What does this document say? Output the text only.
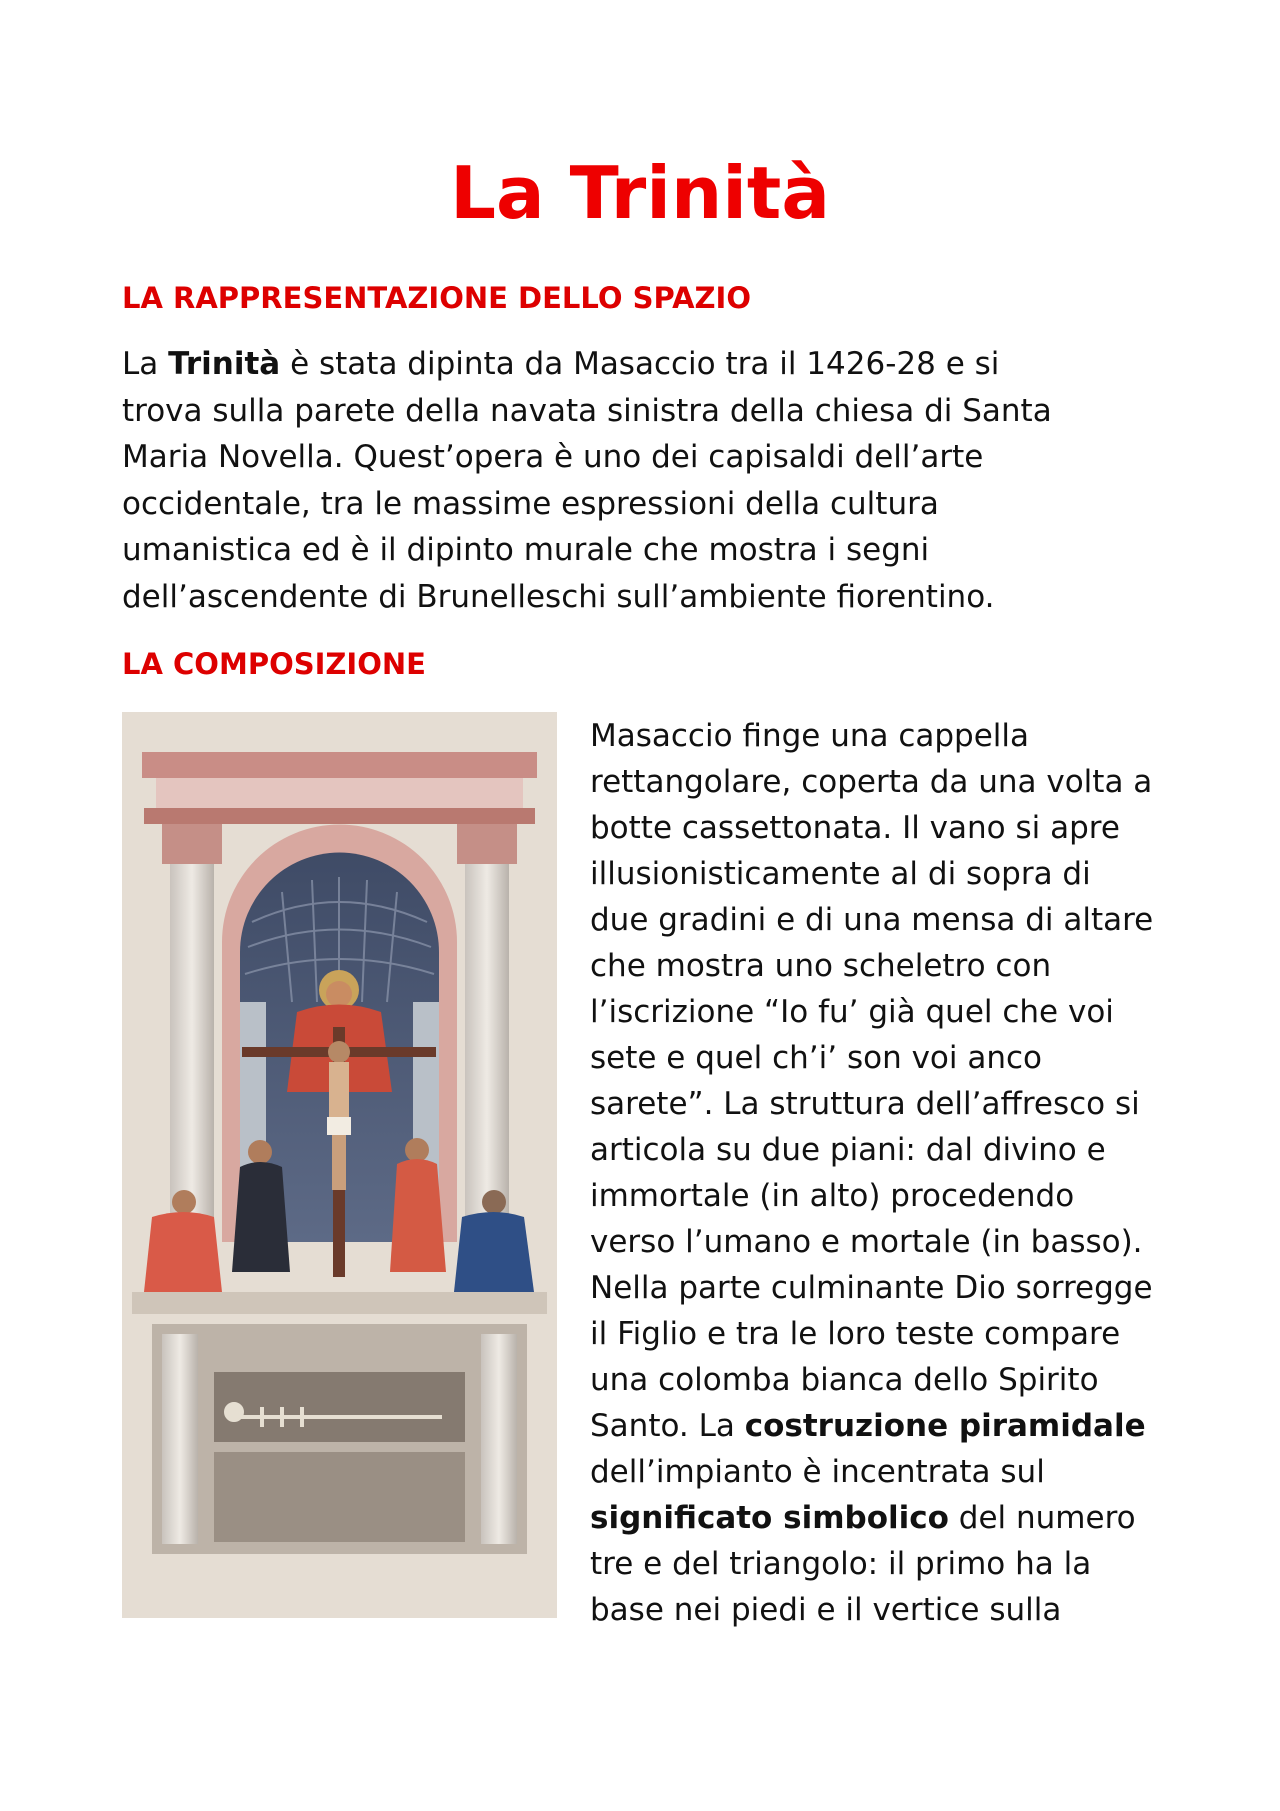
La Trinità
LA RAPPRESENTAZIONE DELLO SPAZIO

La Trinità è stata dipinta da Masaccio tra il 1426-28 e si
trova sulla parete della navata sinistra della chiesa di Santa
Maria Novella. Quest’opera è uno dei capisaldi dell’arte
occidentale, tra le massime espressioni della cultura
umanistica ed è il dipinto murale che mostra i segni
dell’ascendente di Brunelleschi sull’ambiente fiorentino.

LA COMPOSIZIONE

Masaccio finge una cappella
rettangolare, coperta da una volta a
botte cassettonata. Il vano si apre
illusionisticamente al di sopra di
due gradini e di una mensa di altare
che mostra uno scheletro con
l’iscrizione “Io fu’ già quel che voi
sete e quel ch’i’ son voi anco
sarete”. La struttura dell’affresco si
articola su due piani: dal divino e
immortale (in alto) procedendo
verso l’umano e mortale (in basso).
Nella parte culminante Dio sorregge
il Figlio e tra le loro teste compare
una colomba bianca dello Spirito
Santo. La costruzione piramidale
dell’impianto è incentrata sul
significato simbolico del numero
tre e del triangolo: il primo ha la
base nei piedi e il vertice sulla
